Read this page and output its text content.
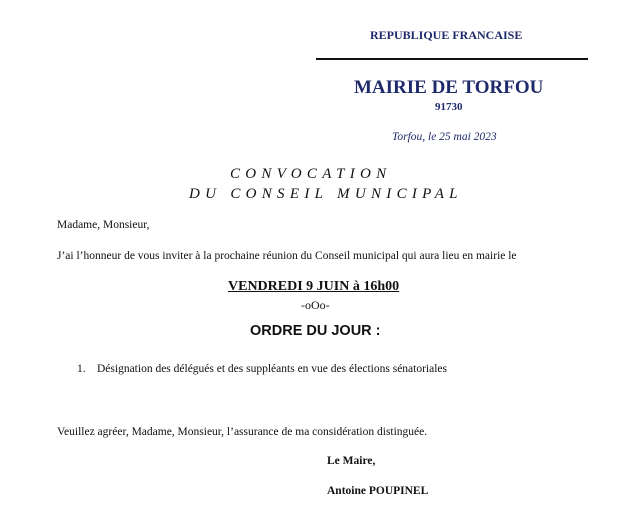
REPUBLIQUE FRANCAISE
MAIRIE DE TORFOU
91730
Torfou, le 25 mai 2023
CONVOCATION
DU CONSEIL MUNICIPAL
Madame, Monsieur,
J’ai l’honneur de vous inviter à la prochaine réunion du Conseil municipal qui aura lieu en mairie le
VENDREDI 9 JUIN à 16h00
-oOo-
ORDRE DU JOUR :
1. Désignation des délégués et des suppléants en vue des élections sénatoriales
Veuillez agréer, Madame, Monsieur, l’assurance de ma considération distinguée.
Le Maire,
Antoine POUPINEL
